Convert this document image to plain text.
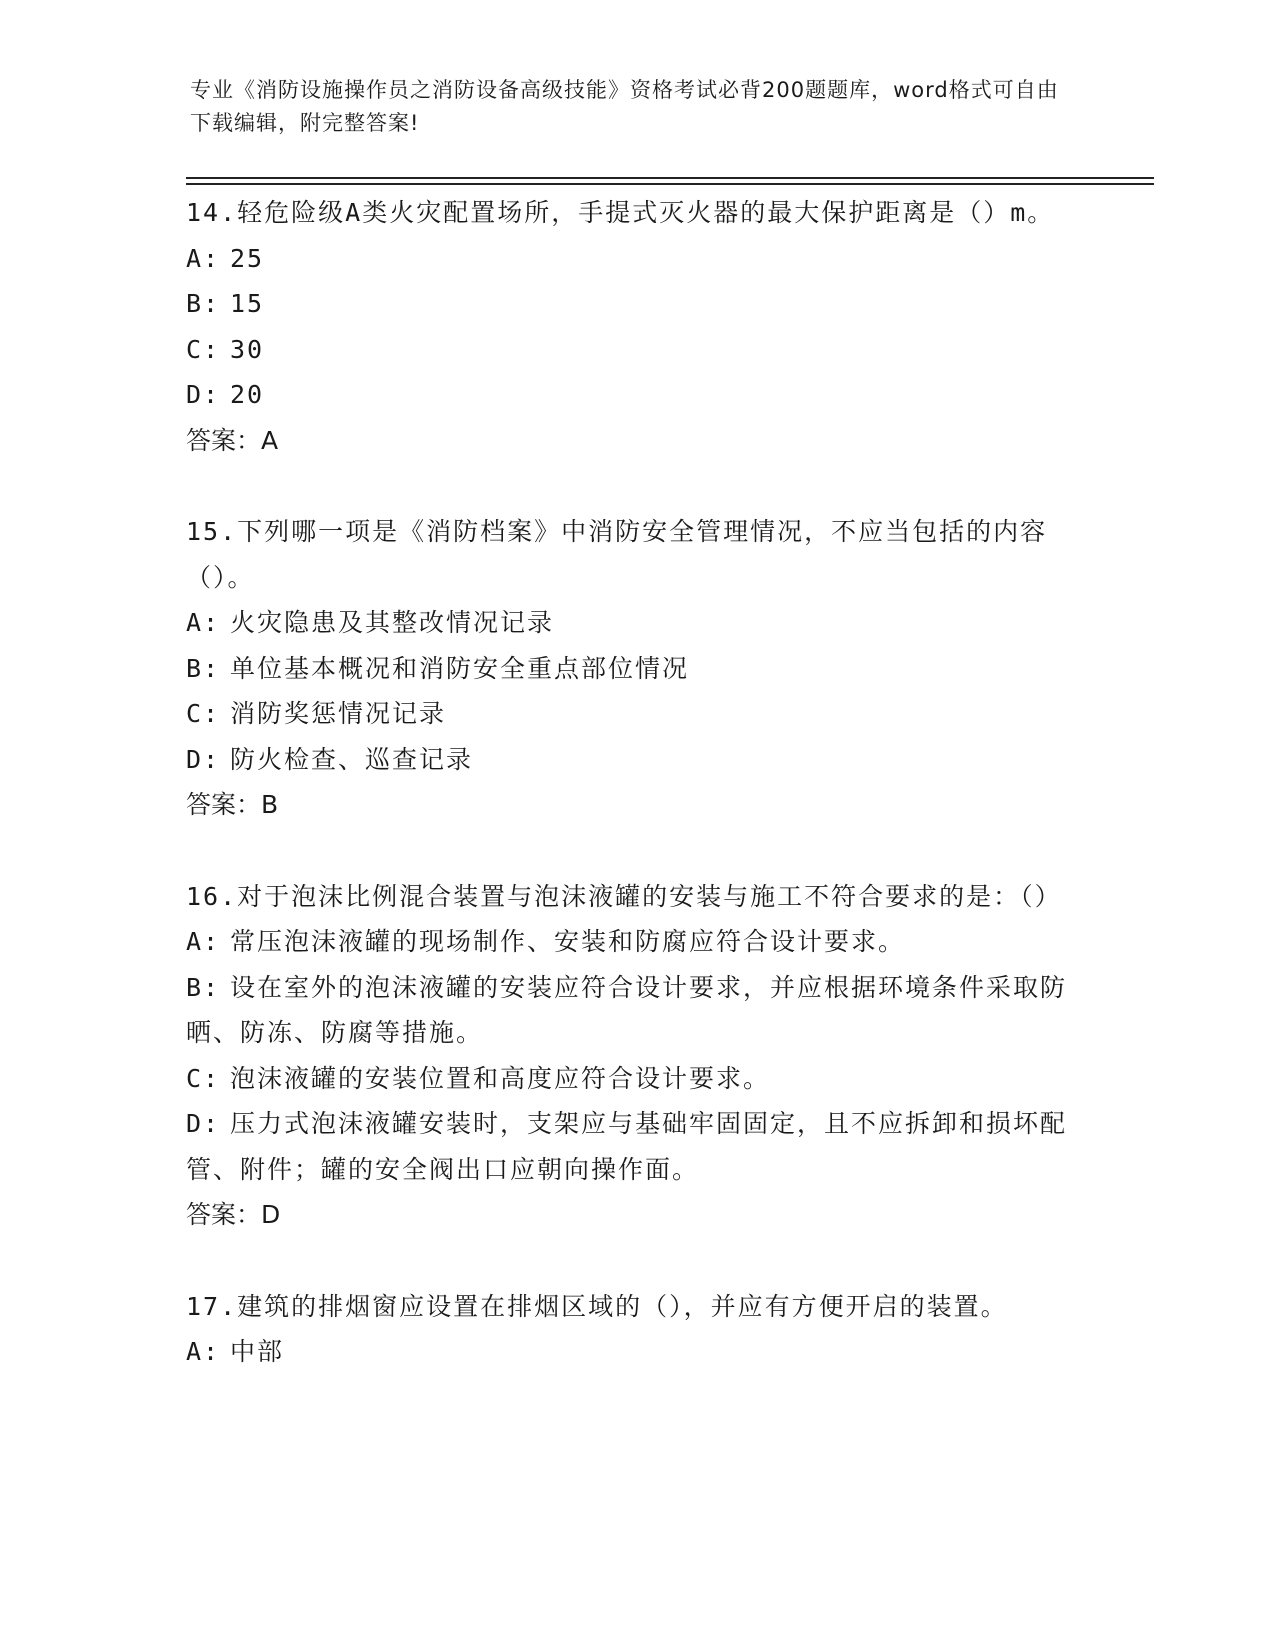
专业《消防设施操作员之消防设备高级技能》资格考试必背200题题库，word格式可自由下载编辑，附完整答案!

14.轻危险级A类火灾配置场所，手提式灭火器的最大保护距离是（）m。

A: 25

B: 15

C: 30

D: 20

答案：A

15.下列哪一项是《消防档案》中消防安全管理情况，不应当包括的内容（）。

A: 火灾隐患及其整改情况记录

B: 单位基本概况和消防安全重点部位情况

C: 消防奖惩情况记录

D: 防火检查、巡查记录

答案：B

16.对于泡沫比例混合装置与泡沫液罐的安装与施工不符合要求的是：（）

A: 常压泡沫液罐的现场制作、安装和防腐应符合设计要求。

B: 设在室外的泡沫液罐的安装应符合设计要求，并应根据环境条件采取防晒、防冻、防腐等措施。

C: 泡沫液罐的安装位置和高度应符合设计要求。

D: 压力式泡沫液罐安装时，支架应与基础牢固固定，且不应拆卸和损坏配管、附件；罐的安全阀出口应朝向操作面。

答案：D

17.建筑的排烟窗应设置在排烟区域的（），并应有方便开启的装置。

A: 中部
